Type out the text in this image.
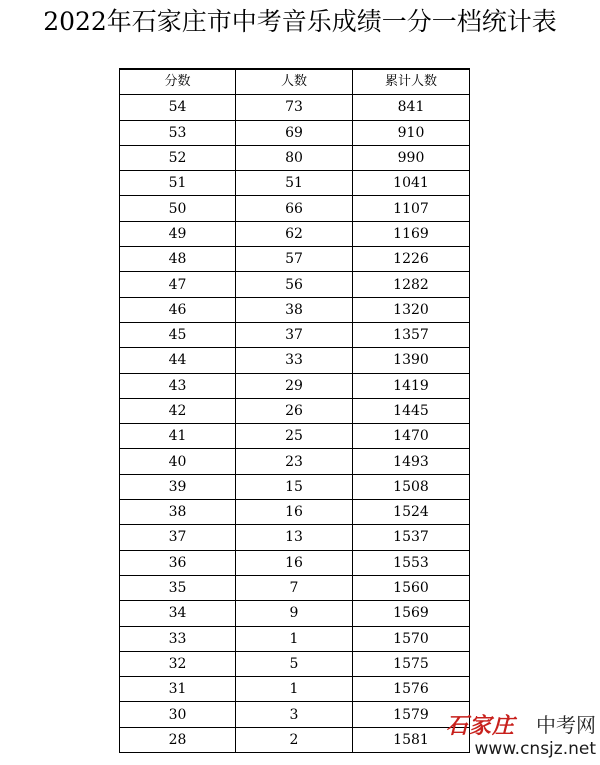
2022年石家庄市中考音乐成绩一分一档统计表
分数	人数	累计人数
54	73	841
53	69	910
52	80	990
51	51	1041
50	66	1107
49	62	1169
48	57	1226
47	56	1282
46	38	1320
45	37	1357
44	33	1390
43	29	1419
42	26	1445
41	25	1470
40	23	1493
39	15	1508
38	16	1524
37	13	1537
36	16	1553
35	7	1560
34	9	1569
33	1	1570
32	5	1575
31	1	1576
30	3	1579
28	2	1581
石家庄 中考网
www.cnsjz.net
